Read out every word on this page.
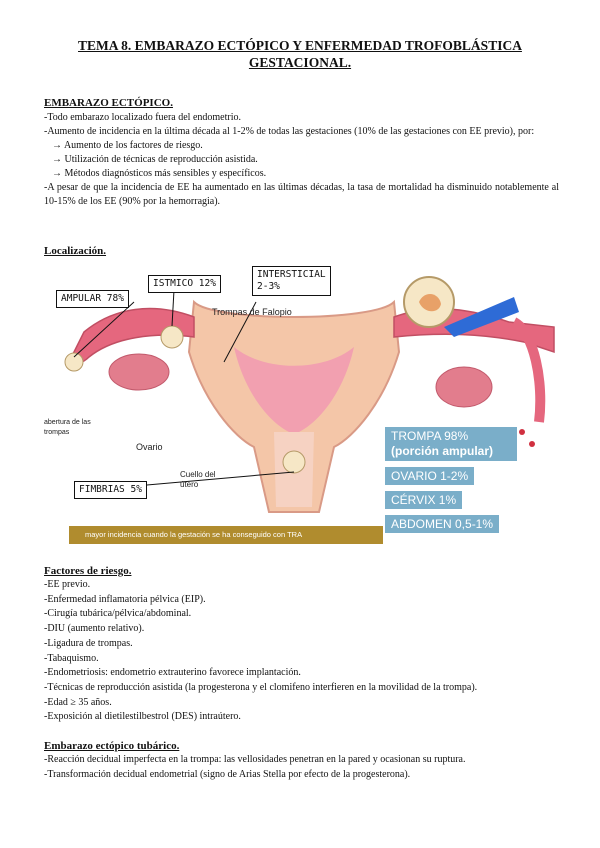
TEMA 8. EMBARAZO ECTÓPICO Y ENFERMEDAD TROFOBLÁSTICA
GESTACIONAL.
EMBARAZO ECTÓPICO.
-Todo embarazo localizado fuera del endometrio.
-Aumento de incidencia en la última década al 1-2% de todas las gestaciones (10% de las gestaciones con EE previo), por:
→ Aumento de los factores de riesgo.
→ Utilización de técnicas de reproducción asistida.
→ Métodos diagnósticos más sensibles y específicos.
-A pesar de que la incidencia de EE ha aumentado en las últimas décadas, la tasa de mortalidad ha disminuido notablemente al 10-15% de los EE (90% por la hemorragia).
Localización.
AMPULAR 78%
ISTMICO 12%
INTERSTICIAL
2-3%
FIMBRIAS 5%
Trompas de Falopio
abertura de las trompas
Ovario
Cuello del útero
TROMPA 98%
(porción ampular)
OVARIO 1-2%
CÉRVIX 1%
ABDOMEN 0,5-1%
mayor incidencia cuando la gestación se ha conseguido con TRA
Factores de riesgo.
-EE previo.
-Enfermedad inflamatoria pélvica (EIP).
-Cirugía tubárica/pélvica/abdominal.
-DIU (aumento relativo).
-Ligadura de trompas.
-Tabaquismo.
-Endometriosis: endometrio extrauterino favorece implantación.
-Técnicas de reproducción asistida (la progesterona y el clomifeno interfieren en la movilidad de la trompa).
-Edad ≥ 35 años.
-Exposición al dietilestilbestrol (DES) intraútero.
Embarazo ectópico tubárico.
-Reacción decidual imperfecta en la trompa: las vellosidades penetran en la pared y ocasionan su ruptura.
-Transformación decidual endometrial (signo de Arias Stella por efecto de la progesterona).
